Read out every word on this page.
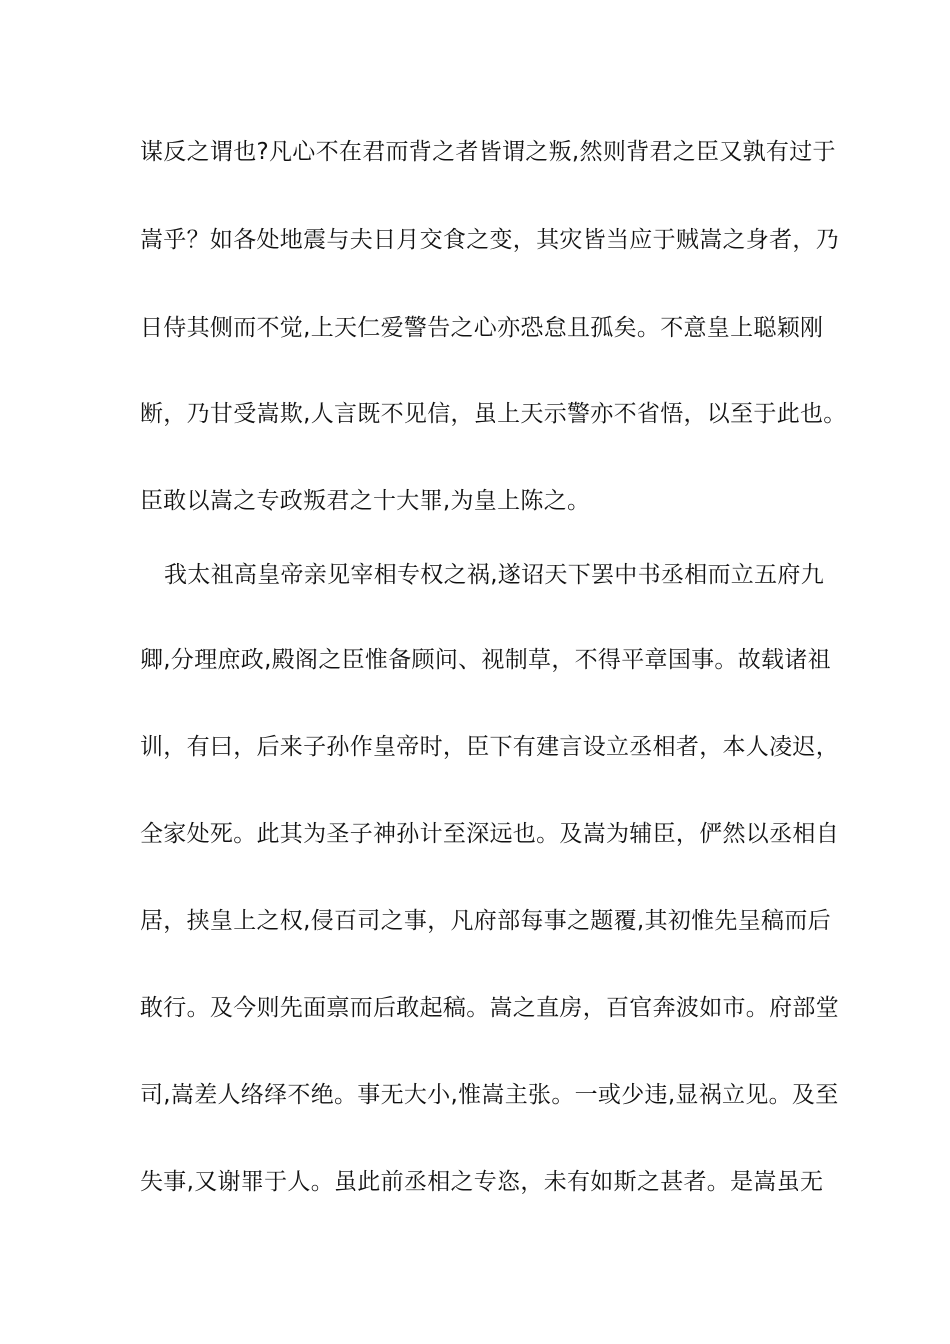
谋反之谓也?凡心不在君而背之者皆谓之叛,然则背君之臣又孰有过于
嵩乎？如各处地震与夫日月交食之变，其灾皆当应于贼嵩之身者，乃
日侍其侧而不觉,上天仁爱警告之心亦恐怠且孤矣。不意皇上聪颖刚
断，乃甘受嵩欺,人言既不见信，虽上天示警亦不省悟，以至于此也。
臣敢以嵩之专政叛君之十大罪,为皇上陈之。
我太祖高皇帝亲见宰相专权之祸,遂诏天下罢中书丞相而立五府九
卿,分理庶政,殿阁之臣惟备顾问、视制草，不得平章国事。故载诸祖
训，有曰，后来子孙作皇帝时，臣下有建言设立丞相者，本人凌迟，
全家处死。此其为圣子神孙计至深远也。及嵩为辅臣，俨然以丞相自
居，挟皇上之权,侵百司之事，凡府部每事之题覆,其初惟先呈稿而后
敢行。及今则先面禀而后敢起稿。嵩之直房，百官奔波如市。府部堂
司,嵩差人络绎不绝。事无大小,惟嵩主张。一或少违,显祸立见。及至
失事,又谢罪于人。虽此前丞相之专恣，未有如斯之甚者。是嵩虽无
